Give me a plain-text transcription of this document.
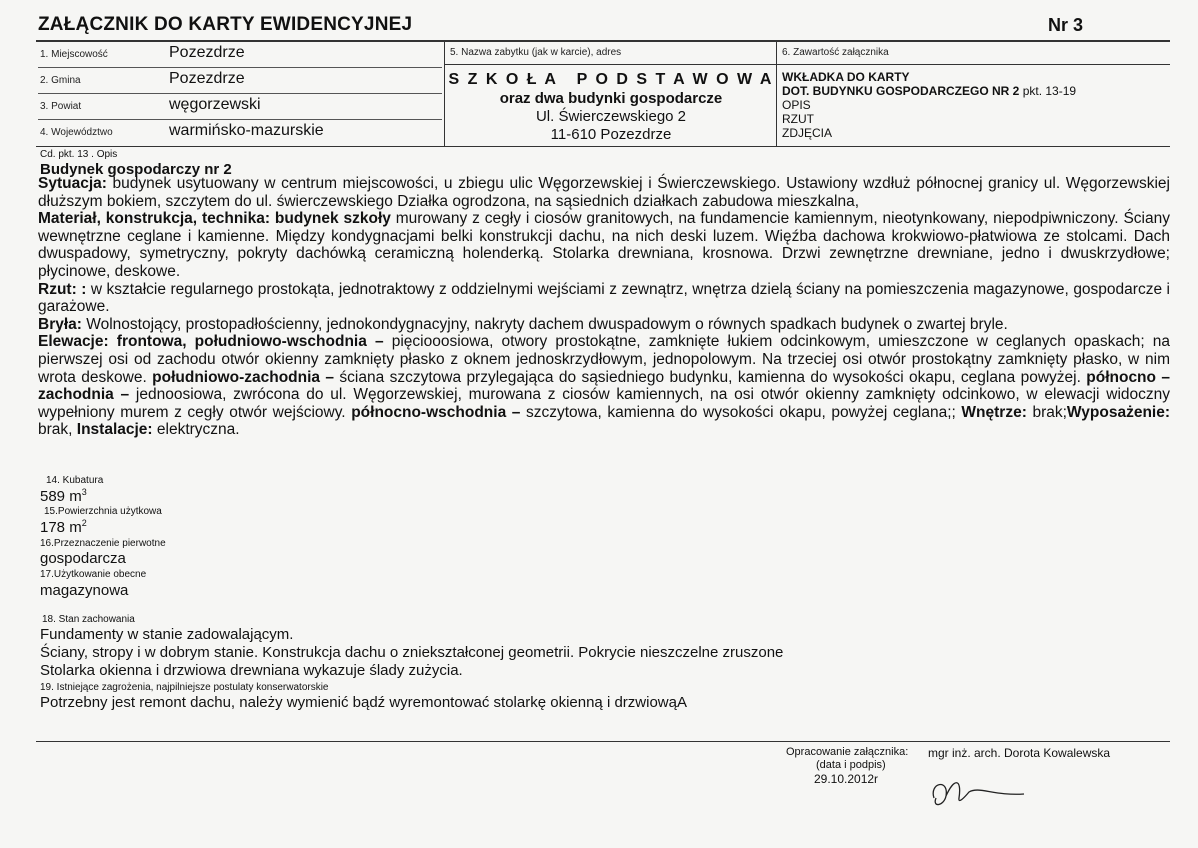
ZAŁĄCZNIK DO KARTY EWIDENCYJNEJ	Nr 3
1. Miejscowość	Pozezdrze
2. Gmina	Pozezdrze
3. Powiat	węgorzewski
4. Województwo	warmińsko-mazurskie
5. Nazwa zabytku (jak w karcie), adres
S Z K O Ł A   P O D S T A W O W A
oraz dwa budynki gospodarcze
Ul. Świerczewskiego 2
11-610 Pozezdrze
6. Zawartość załącznika
WKŁADKA DO KARTY
DOT. BUDYNKU GOSPODARCZEGO NR 2 pkt. 13-19
OPIS
RZUT
ZDJĘCIA
Cd. pkt. 13 . Opis
Budynek gospodarczy nr 2

Sytuacja: budynek usytuowany w centrum miejscowości, u zbiegu ulic Węgorzewskiej i Świerczewskiego. Ustawiony wzdłuż północnej granicy ul. Węgorzewskiej dłuższym bokiem, szczytem do ul. świerczewskiego Działka ogrodzona, na sąsiednich działkach zabudowa mieszkalna,

Materiał, konstrukcja, technika: budynek szkoły murowany z cegły i ciosów granitowych, na fundamencie kamiennym, nieotynkowany, niepodpiwniczony. Ściany wewnętrzne ceglane i kamienne. Między kondygnacjami belki konstrukcji dachu, na nich deski luzem. Więźba dachowa krokwiowo-płatwiowa ze stolcami. Dach dwuspadowy, symetryczny, pokryty dachówką ceramiczną holenderką. Stolarka drewniana, krosnowa. Drzwi zewnętrzne drewniane, jedno i dwuskrzydłowe; płycinowe, deskowe.

Rzut: : w kształcie regularnego prostokąta, jednotraktowy z oddzielnymi wejściami z zewnątrz, wnętrza dzielą ściany na pomieszczenia magazynowe, gospodarcze i garażowe.

Bryła: Wolnostojący, prostopadłościenny, jednokondygnacyjny, nakryty dachem dwuspadowym o równych spadkach budynek o zwartej bryle.

Elewacje: frontowa, południowo-wschodnia – pięciooosiowa, otwory prostokątne, zamknięte łukiem odcinkowym, umieszczone w ceglanych opaskach; na pierwszej osi od zachodu otwór okienny zamknięty płasko z oknem jednoskrzydłowym, jednopolowym. Na trzeciej osi otwór prostokątny zamknięty płasko, w nim wrota deskowe. południowo-zachodnia – ściana szczytowa przylegająca do sąsiedniego budynku, kamienna do wysokości okapu, ceglana powyżej. północno – zachodnia – jednoosiowa, zwrócona do ul. Węgorzewskiej, murowana z ciosów kamiennych, na osi otwór okienny zamknięty odcinkowo, w elewacji widoczny wypełniony murem z cegły otwór wejściowy. północno-wschodnia – szczytowa, kamienna do wysokości okapu, powyżej ceglana;; Wnętrze: brak;Wyposażenie: brak, Instalacje: elektryczna.

14. Kubatura
589 $m^3$
15.Powierzchnia użytkowa
178 $m^2$
16.Przeznaczenie pierwotne
gospodarcza
17.Użytkowanie obecne
magazynowa
18. Stan zachowania
Fundamenty w stanie zadowalającym.
Ściany, stropy i w dobrym stanie. Konstrukcja dachu o zniekształconej geometrii. Pokrycie nieszczelne zruszone
Stolarka okienna i drzwiowa drewniana wykazuje ślady zużycia.
19. Istniejące zagrożenia, najpilniejsze postulaty konserwatorskie
Potrzebny jest remont dachu, należy wymienić bądź wyremontować stolarkę okienną i drzwiowąA
Opracowanie załącznika: mgr inż. arch. Dorota Kowalewska
(data i podpis)
29.10.2012r
